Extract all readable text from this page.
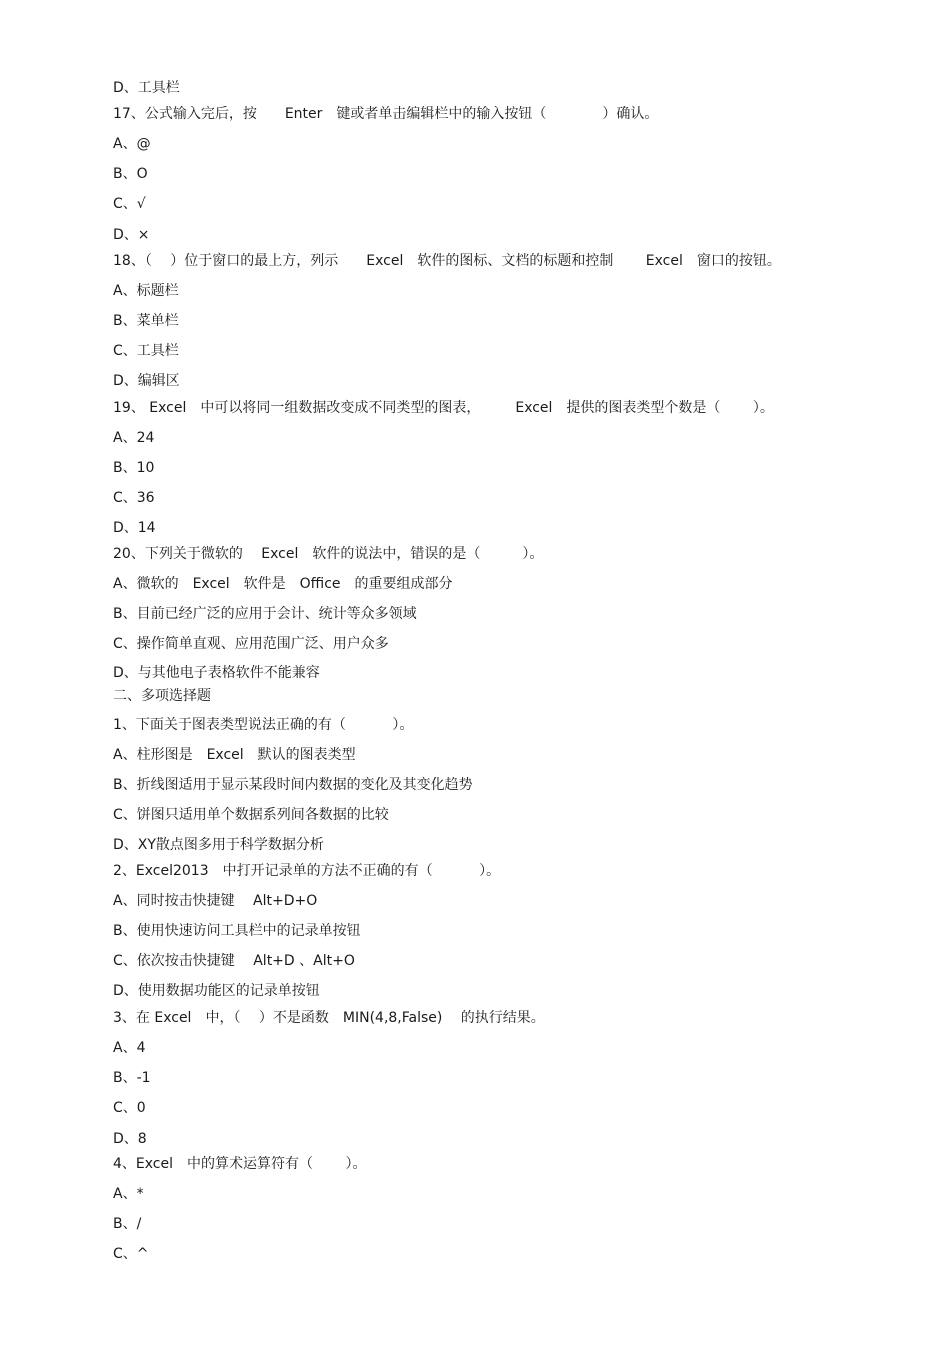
D、工具栏
17、公式输入完后，按　　Enter　键或者单击编辑栏中的输入按钮（　　　　）确认。
A、@
B、O
C、√
D、×
18、（　 ）位于窗口的最上方，列示　　Excel　软件的图标、文档的标题和控制　　 Excel　窗口的按钮。
A、标题栏
B、菜单栏
C、工具栏
D、编辑区
19、 Excel　中可以将同一组数据改变成不同类型的图表，　　　Excel　提供的图表类型个数是（　　 ）。
A、24
B、10
C、36
D、14
20、下列关于微软的　 Excel　软件的说法中，错误的是（　　　）。
A、微软的　Excel　软件是　Office　的重要组成部分
B、目前已经广泛的应用于会计、统计等众多领域
C、操作简单直观、应用范围广泛、用户众多
D、与其他电子表格软件不能兼容
二、多项选择题
1、下面关于图表类型说法正确的有（　　　 ）。
A、柱形图是　Excel　默认的图表类型
B、折线图适用于显示某段时间内数据的变化及其变化趋势
C、饼图只适用单个数据系列间各数据的比较
D、XY散点图多用于科学数据分析
2、Excel2013　中打开记录单的方法不正确的有（　　　 ）。
A、同时按击快捷键　 Alt+D+O
B、使用快速访问工具栏中的记录单按钮
C、依次按击快捷键　 Alt+D 、Alt+O
D、使用数据功能区的记录单按钮
3、在 Excel　中，（　 ）不是函数　MIN(4,8,False)　 的执行结果。
A、4
B、-1
C、0
D、8
4、Excel　中的算术运算符有（　　 ）。
A、*
B、/
C、^
